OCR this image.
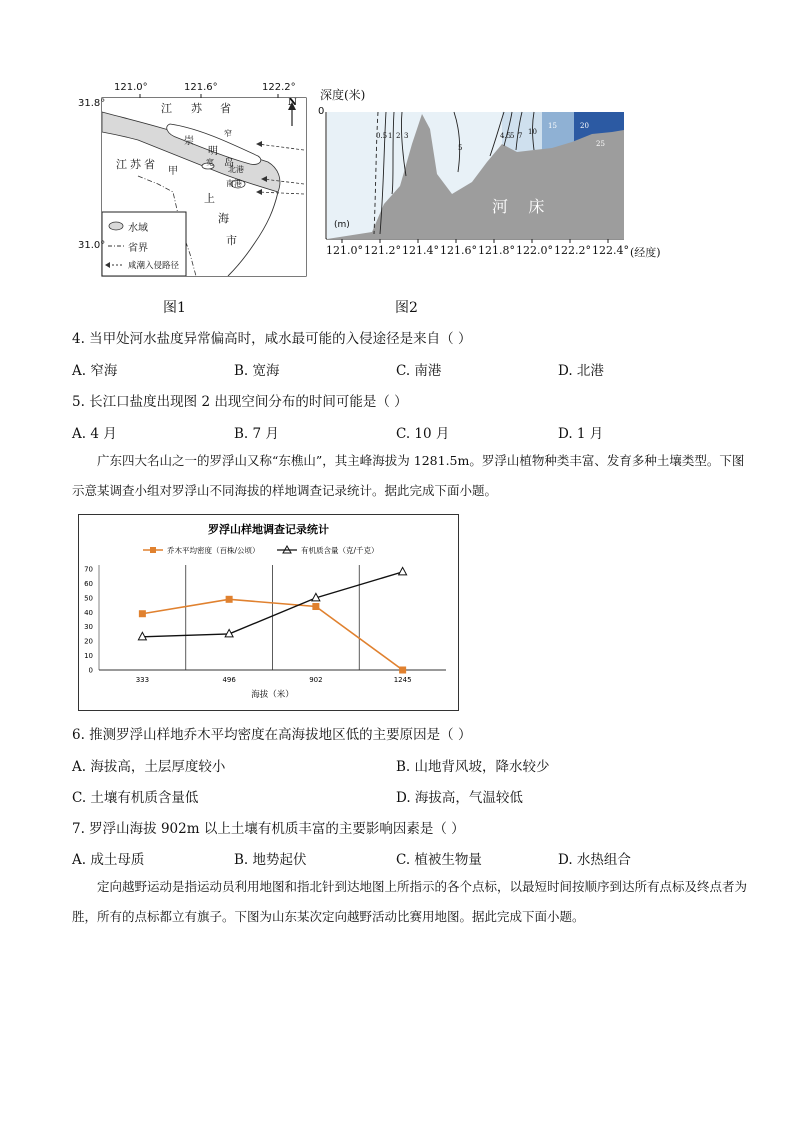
121.0°	121.6°	122.2°
31.8°
31.0°
江 苏 省
崇
明
岛
江苏省
甲
上
海
市
北港
南港
窄
宽
N
水域
省界
咸潮入侵路径
图1
深度(米)
0
(m)
河    床
0.5 1 2 3	4.5
5 7 10
15	20
25
5
121.0° 121.2° 121.4° 121.6° 121.8° 122.0° 122.2° 122.4° (经度)
图2
4. 当甲处河水盐度异常偏高时，咸水最可能的入侵途径是来自（ ）
A. 窄海	B. 宽海	C. 南港	D. 北港
5. 长江口盐度出现图 2 出现空间分布的时间可能是（ ）
A. 4 月	B. 7 月	C. 10 月	D. 1 月
广东四大名山之一的罗浮山又称“东樵山”，其主峰海拔为 1281.5m。罗浮山植物种类丰富、发育多种土壤类型。下图示意某调查小组对罗浮山不同海拔的样地调查记录统计。据此完成下面小题。
罗浮山样地调查记录统计
乔木平均密度（百株/公顷）	有机质含量（克/千克）
0
10
20
30
40
50
60
70
333	496	902	1245
海拔（米）
6. 推测罗浮山样地乔木平均密度在高海拔地区低的主要原因是（ ）
A. 海拔高，土层厚度较小	B. 山地背风坡，降水较少
C. 土壤有机质含量低	D. 海拔高，气温较低
7. 罗浮山海拔 902m 以上土壤有机质丰富的主要影响因素是（ ）
A. 成土母质	B. 地势起伏	C. 植被生物量	D. 水热组合
定向越野运动是指运动员利用地图和指北针到达地图上所指示的各个点标，以最短时间按顺序到达所有点标及终点者为胜，所有的点标都立有旗子。下图为山东某次定向越野活动比赛用地图。据此完成下面小题。
